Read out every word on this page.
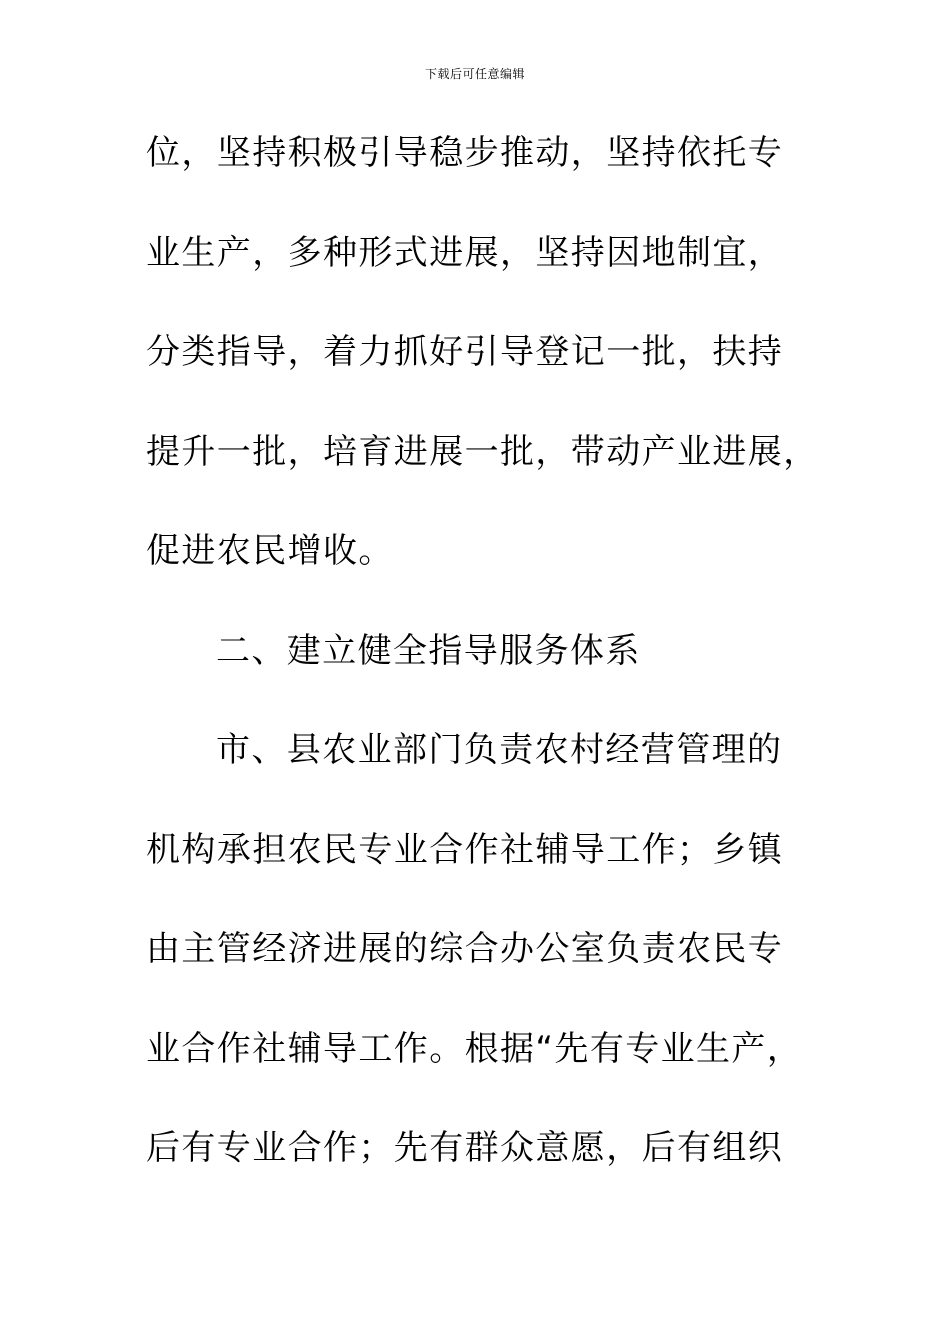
下载后可任意编辑
位，坚持积极引导稳步推动，坚持依托专
业生产，多种形式进展，坚持因地制宜，
分类指导，着力抓好引导登记一批，扶持
提升一批，培育进展一批，带动产业进展，
促进农民增收。
二、建立健全指导服务体系
市、县农业部门负责农村经营管理的
机构承担农民专业合作社辅导工作；乡镇
由主管经济进展的综合办公室负责农民专
业合作社辅导工作。根据“先有专业生产，
后有专业合作；先有群众意愿，后有组织
